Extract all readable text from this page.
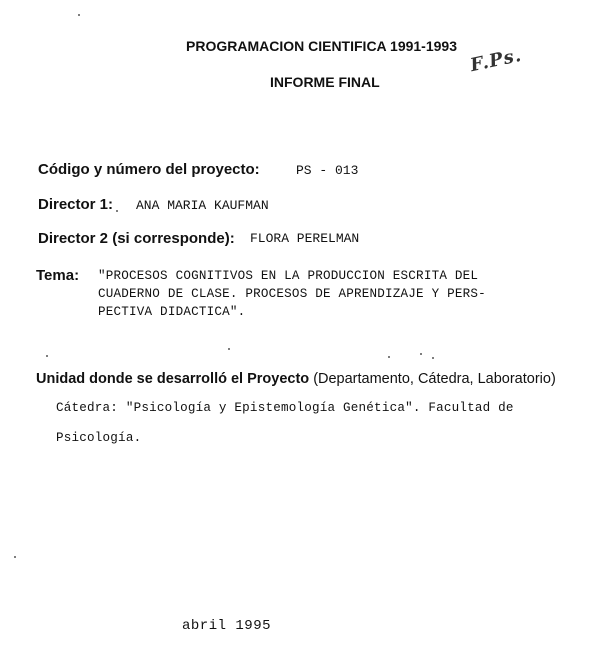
PROGRAMACION CIENTIFICA 1991-1993
INFORME FINAL
F.Ps.
Código y número del proyecto:	PS - 013
Director 1: ANA MARIA KAUFMAN
Director 2 (si corresponde): FLORA PERELMAN
Tema: "PROCESOS COGNITIVOS EN LA PRODUCCION ESCRITA DEL
CUADERNO DE CLASE. PROCESOS DE APRENDIZAJE Y PERS-
PECTIVA DIDACTICA".
Unidad donde se desarrolló el Proyecto (Departamento, Cátedra, Laboratorio)
Cátedra: "Psicología y Epistemología Genética". Facultad de
Psicología.
abril 1995
